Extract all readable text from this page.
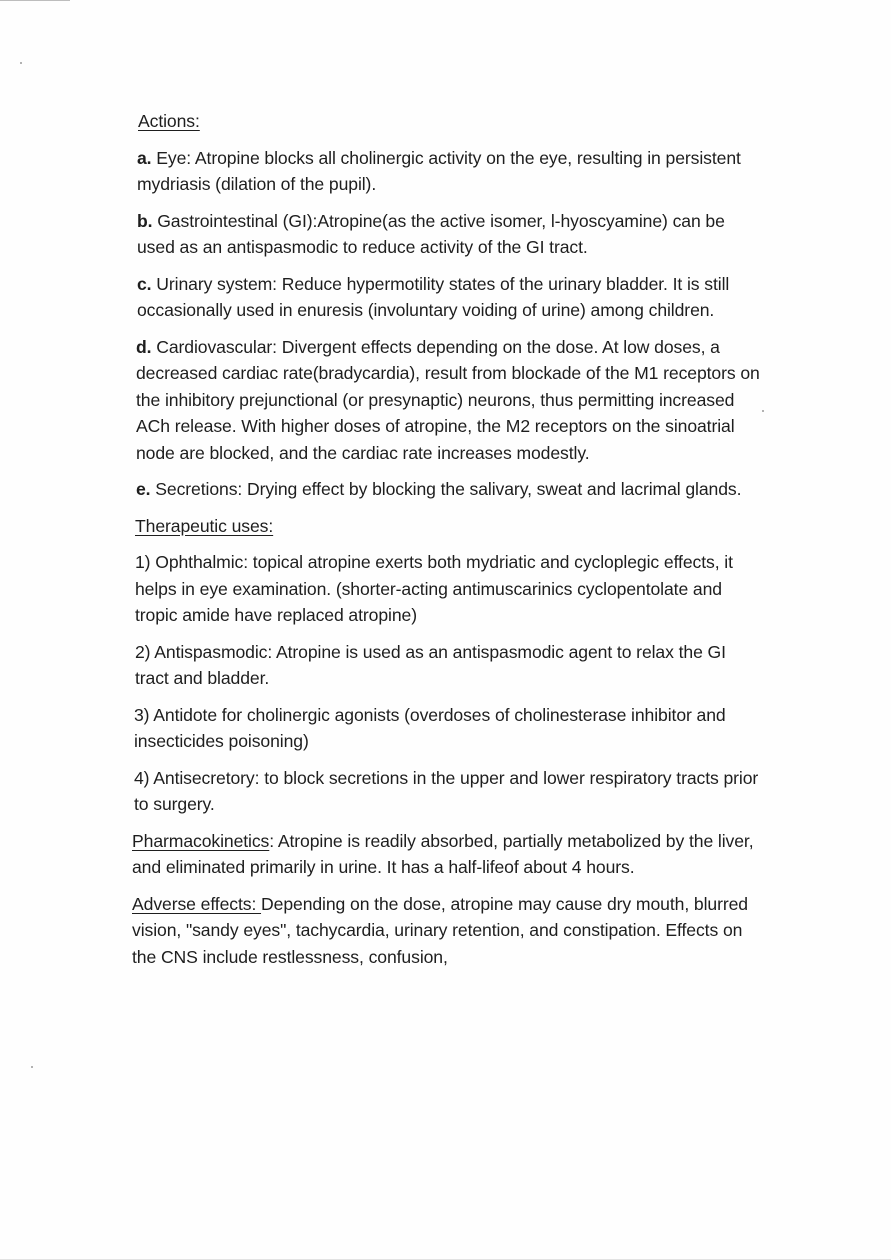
Actions:

a. Eye: Atropine blocks all cholinergic activity on the eye, resulting in persistent mydriasis (dilation of the pupil).

b. Gastrointestinal (GI):Atropine(as the active isomer, l-hyoscyamine) can be used as an antispasmodic to reduce activity of the GI tract.

c. Urinary system: Reduce hypermotility states of the urinary bladder. It is still occasionally used in enuresis (involuntary voiding of urine) among children.

d. Cardiovascular: Divergent effects depending on the dose. At low doses, a decreased cardiac rate(bradycardia), result from blockade of the M1 receptors on the inhibitory prejunctional (or presynaptic) neurons, thus permitting increased ACh release. With higher doses of atropine, the M2 receptors on the sinoatrial node are blocked, and the cardiac rate increases modestly.

e. Secretions: Drying effect by blocking the salivary, sweat and lacrimal glands.

Therapeutic uses:

1) Ophthalmic: topical atropine exerts both mydriatic and cycloplegic effects, it helps in eye examination. (shorter-acting antimuscarinics cyclopentolate and tropic amide have replaced atropine)

2) Antispasmodic: Atropine is used as an antispasmodic agent to relax the GI tract and bladder.

3) Antidote for cholinergic agonists (overdoses of cholinesterase inhibitor and insecticides poisoning)

4) Antisecretory: to block secretions in the upper and lower respiratory tracts prior to surgery.

Pharmacokinetics: Atropine is readily absorbed, partially metabolized by the liver, and eliminated primarily in urine. It has a half-lifeof about 4 hours.

Adverse effects: Depending on the dose, atropine may cause dry mouth, blurred vision, "sandy eyes", tachycardia, urinary retention, and constipation. Effects on the CNS include restlessness, confusion,
